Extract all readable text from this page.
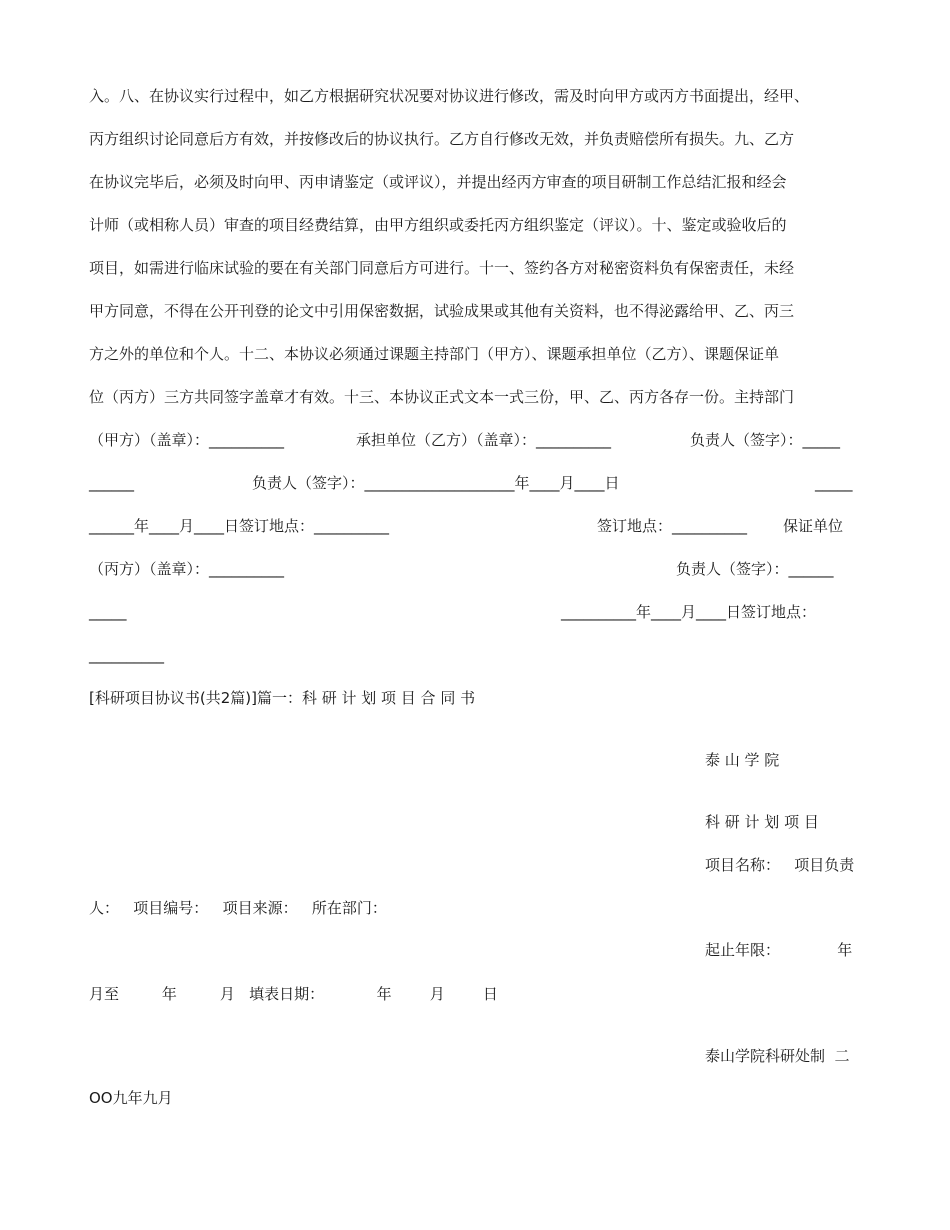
入。八、在协议实行过程中，如乙方根据研究状况要对协议进行修改，需及时向甲方或丙方书面提出，经甲、
丙方组织讨论同意后方有效，并按修改后的协议执行。乙方自行修改无效，并负责赔偿所有损失。九、乙方
在协议完毕后，必须及时向甲、丙申请鉴定（或评议），并提出经丙方审查的项目研制工作总结汇报和经会
计师（或相称人员）审查的项目经费结算，由甲方组织或委托丙方组织鉴定（评议）。十、鉴定或验收后的
项目，如需进行临床试验的要在有关部门同意后方可进行。十一、签约各方对秘密资料负有保密责任，未经
甲方同意，不得在公开刊登的论文中引用保密数据，试验成果或其他有关资料，也不得泌露给甲、乙、丙三
方之外的单位和个人。十二、本协议必须通过课题主持部门（甲方）、课题承担单位（乙方）、课题保证单
位（丙方）三方共同签字盖章才有效。十三、本协议正式文本一式三份，甲、乙、丙方各存一份。主持部门
（甲方）（盖章）：__________	承担单位（乙方）（盖章）：__________	负责人（签字）：_____
______	负责人（签字）：____________________年____月____日	_____
______年____月____日签订地点：__________	签订地点：__________ 保证单位
（丙方）（盖章）：__________	负责人（签字）：______
_____	__________年____月____日签订地点：
__________
[科研项目协议书(共2篇)]篇一：科 研 计 划 项 目 合 同 书
泰 山 学 院
科 研 计 划 项 目
项目名称：   项目负责
人：   项目编号：   项目来源：   所在部门：
起止年限：            年
月至         年         月   填表日期：           年        月        日
泰山学院科研处制  二
OO九年九月
